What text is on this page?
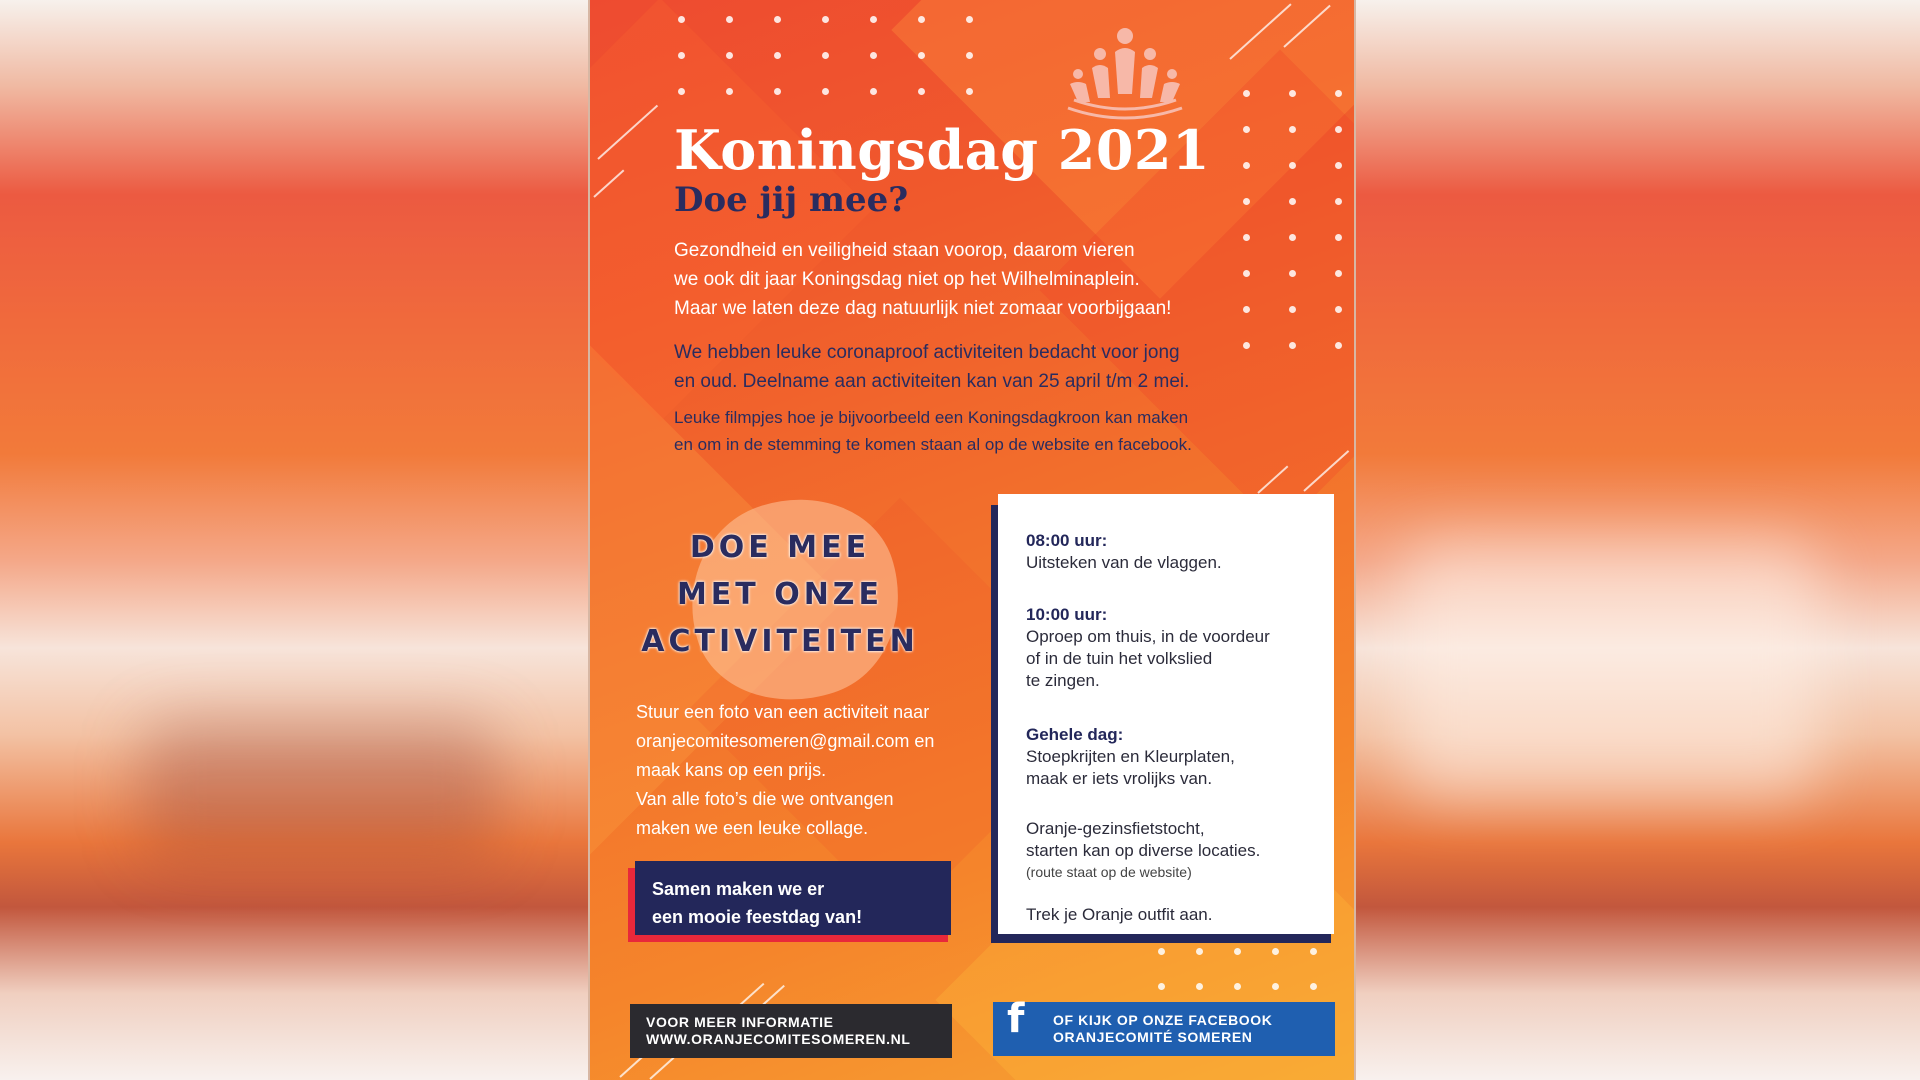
Koningsdag 2021
Doe jij mee?
Gezondheid en veiligheid staan voorop, daarom vieren
we ook dit jaar Koningsdag niet op het Wilhelminaplein.
Maar we laten deze dag natuurlijk niet zomaar voorbijgaan!
We hebben leuke coronaproof activiteiten bedacht voor jong
en oud. Deelname aan activiteiten kan van 25 april t/m 2 mei.
Leuke filmpjes hoe je bijvoorbeeld een Koningsdagkroon kan maken
en om in de stemming te komen staan al op de website en facebook.
DOE MEE
MET ONZE
ACTIVITEITEN
Stuur een foto van een activiteit naar
oranjecomitesomeren@gmail.com en
maak kans op een prijs.
Van alle foto’s die we ontvangen
maken we een leuke collage.
Samen maken we er
een mooie feestdag van!
08:00 uur:
Uitsteken van de vlaggen.
10:00 uur:
Oproep om thuis, in de voordeur
of in de tuin het volkslied
te zingen.
Gehele dag:
Stoepkrijten en Kleurplaten,
maak er iets vrolijks van.
Oranje-gezinsfietstocht,
starten kan op diverse locaties.
(route staat op de website)
Trek je Oranje outfit aan.
VOOR MEER INFORMATIE
WWW.ORANJECOMITESOMEREN.NL	f	OF KIJK OP ONZE FACEBOOK
ORANJECOMITÉ SOMEREN
